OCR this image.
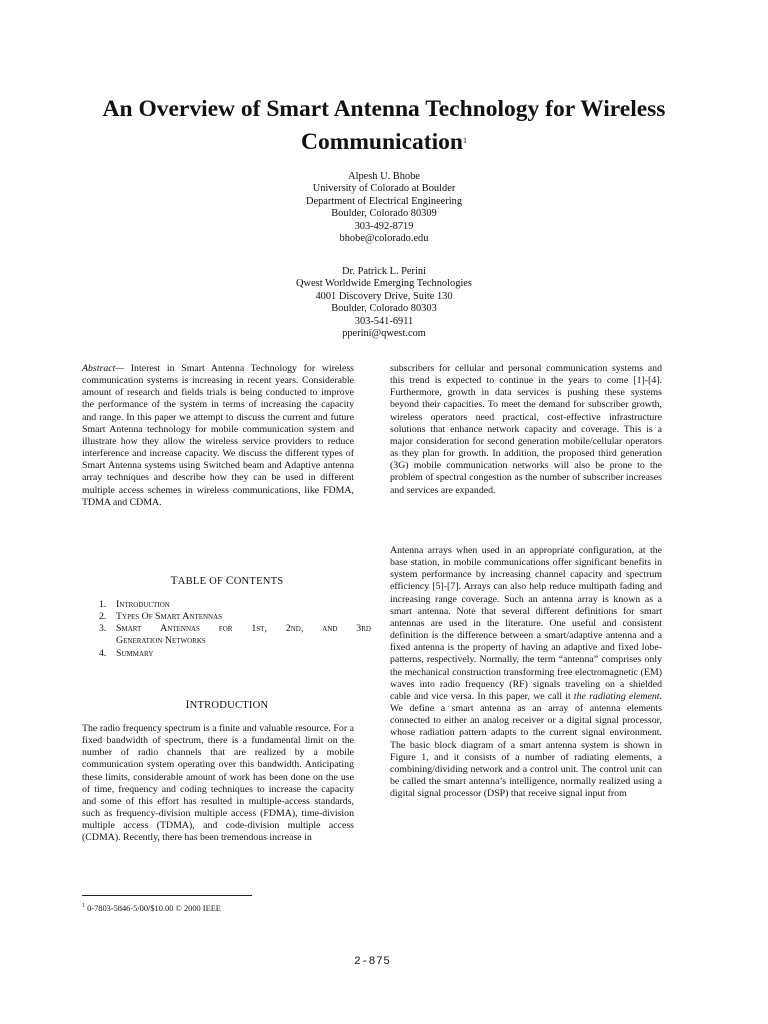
An Overview of Smart Antenna Technology for Wireless
Communication$^1$
Alpesh U. Bhobe
University of Colorado at Boulder
Department of Electrical Engineering
Boulder, Colorado 80309
303-492-8719
bhobe@colorado.edu
Dr. Patrick L. Perini
Qwest Worldwide Emerging Technologies
4001 Discovery Drive, Suite 130
Boulder, Colorado 80303
303-541-6911
pperini@qwest.com

Abstract— Interest in Smart Antenna Technology for wireless communication systems is increasing in recent years. Considerable amount of research and fields trials is being conducted to improve the performance of the system in terms of increasing the capacity and range. In this paper we attempt to discuss the current and future Smart Antenna technology for mobile communication system and illustrate how they allow the wireless service providers to reduce interference and increase capacity. We discuss the different types of Smart Antenna systems using Switched beam and Adaptive antenna array techniques and describe how they can be used in different multiple access schemes in wireless communications, like FDMA, TDMA and CDMA.

TABLE OF CONTENTS
1. Introduction
2. Types Of Smart Antennas
3. Smart Antennas for 1st, 2nd, and 3rd
Generation Networks
4. Summary
INTRODUCTION

The radio frequency spectrum is a finite and valuable resource. For a fixed bandwidth of spectrum, there is a fundamental limit on the number of radio channels that are realized by a mobile communication system operating over this bandwidth. Anticipating these limits, considerable amount of work has been done on the use of time, frequency and coding techniques to increase the capacity and some of this effort has resulted in multiple-access standards, such as frequency-division multiple access (FDMA), time-division multiple access (TDMA), and code-division multiple access (CDMA). Recently, there has been tremendous increase in

subscribers for cellular and personal communication systems and this trend is expected to continue in the years to come [1]-[4]. Furthermore, growth in data services is pushing these systems beyond their capacities. To meet the demand for subscriber growth, wireless operators need practical, cost-effective infrastructure solutions that enhance network capacity and coverage. This is a major consideration for second generation mobile/cellular operators as they plan for growth. In addition, the proposed third generation (3G) mobile communication networks will also be prone to the problem of spectral congestion as the number of subscriber increases and services are expanded.

Antenna arrays when used in an appropriate configuration, at the base station, in mobile communications offer significant benefits in system performance by increasing channel capacity and spectrum efficiency [5]-[7]. Arrays can also help reduce multipath fading and increasing range coverage. Such an antenna array is known as a smart antenna. Note that several different definitions for smart antennas are used in the literature. One useful and consistent definition is the difference between a smart/adaptive antenna and a fixed antenna is the property of having an adaptive and fixed lobe-patterns, respectively. Normally, the term “antenna” comprises only the mechanical construction transforming free electromagnetic (EM) waves into radio frequency (RF) signals traveling on a shielded cable and vice versa. In this paper, we call it the radiating element. We define a smart antenna as an array of antenna elements connected to either an analog receiver or a digital signal processor, whose radiation pattern adapts to the current signal environment. The basic block diagram of a smart antenna system is shown in Figure 1, and it consists of a number of radiating elements, a combining/dividing network and a control unit. The control unit can be called the smart antenna’s intelligence, normally realized using a digital signal processor (DSP) that receive signal input from

$^1$ 0-7803-5846-5/00/$10.00 © 2000 IEEE
2-875
